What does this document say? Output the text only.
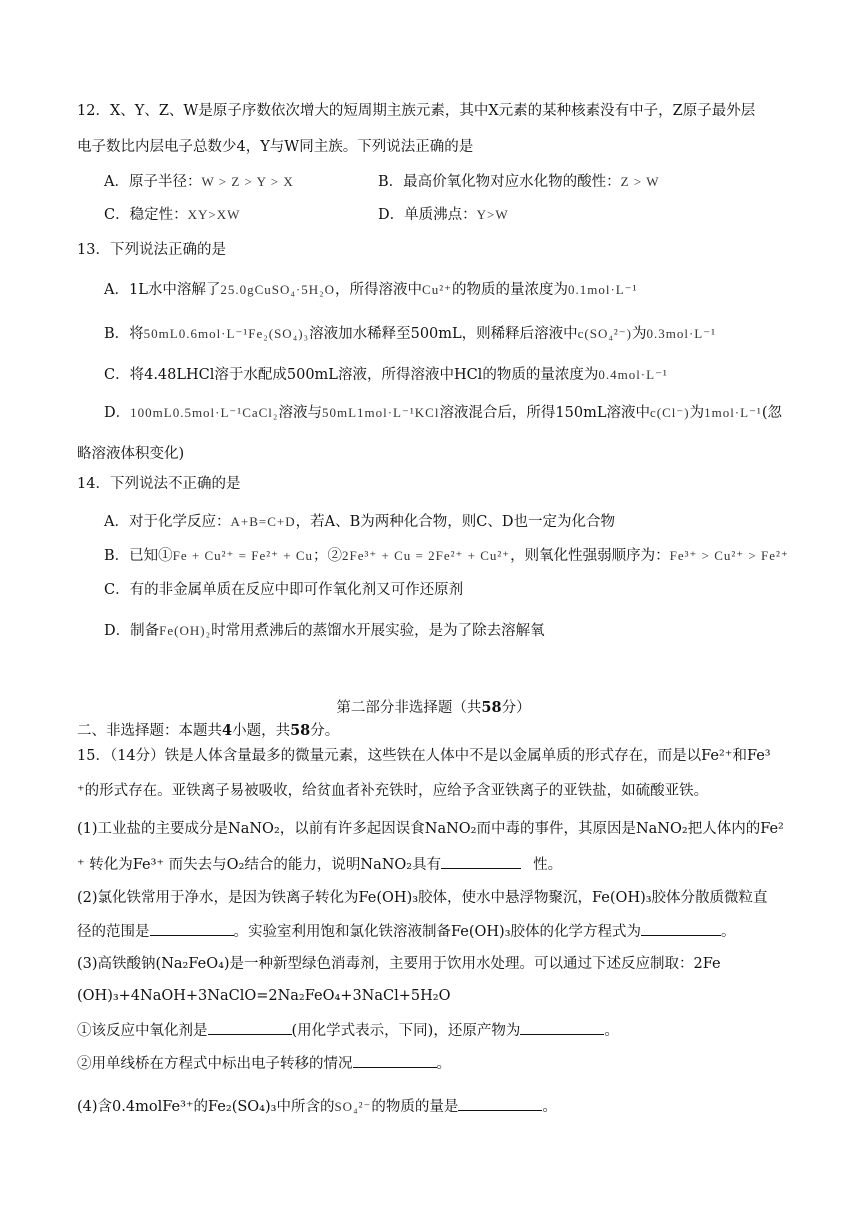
12．X、Y、Z、W是原子序数依次增大的短周期主族元素，其中X元素的某种核素没有中子，Z原子最外层
电子数比内层电子总数少4，Y与W同主族。下列说法正确的是
A．原子半径：W > Z > Y > X	B．最高价氧化物对应水化物的酸性：Z > W
C．稳定性：XY>XW	D．单质沸点：Y>W
13．下列说法正确的是
A．1L水中溶解了25.0gCuSO₄·5H₂O，所得溶液中Cu²⁺的物质的量浓度为0.1mol·L⁻¹
B．将50mL0.6mol·L⁻¹Fe₂(SO₄)₃溶液加水稀释至500mL，则稀释后溶液中c(SO₄²⁻)为0.3mol·L⁻¹
C．将4.48LHCl溶于水配成500mL溶液，所得溶液中HCl的物质的量浓度为0.4mol·L⁻¹
D．100mL0.5mol·L⁻¹CaCl₂溶液与50mL1mol·L⁻¹KCl溶液混合后，所得150mL溶液中c(Cl⁻)为1mol·L⁻¹(忽
略溶液体积变化)
14．下列说法不正确的是
A．对于化学反应：A+B=C+D，若A、B为两种化合物，则C、D也一定为化合物
B．已知①Fe + Cu²⁺ = Fe²⁺ + Cu；②2Fe³⁺ + Cu = 2Fe²⁺ + Cu²⁺，则氧化性强弱顺序为：Fe³⁺ > Cu²⁺ > Fe²⁺
C．有的非金属单质在反应中即可作氧化剂又可作还原剂
D．制备Fe(OH)₂时常用煮沸后的蒸馏水开展实验，是为了除去溶解氧
第二部分非选择题（共58分）
二、非选择题：本题共4小题，共58分。
15．（14分）铁是人体含量最多的微量元素，这些铁在人体中不是以金属单质的形式存在，而是以Fe²⁺和Fe³
⁺的形式存在。亚铁离子易被吸收，给贫血者补充铁时，应给予含亚铁离子的亚铁盐，如硫酸亚铁。
(1)工业盐的主要成分是NaNO₂，以前有许多起因误食NaNO₂而中毒的事件，其原因是NaNO₂把人体内的Fe²
⁺ 转化为Fe³⁺ 而失去与O₂结合的能力，说明NaNO₂具有	性。
(2)氯化铁常用于净水，是因为铁离子转化为Fe(OH)₃胶体，使水中悬浮物聚沉，Fe(OH)₃胶体分散质微粒直
径的范围是	。实验室利用饱和氯化铁溶液制备Fe(OH)₃胶体的化学方程式为	。
(3)高铁酸钠(Na₂FeO₄)是一种新型绿色消毒剂，主要用于饮用水处理。可以通过下述反应制取：2Fe
(OH)₃+4NaOH+3NaClO=2Na₂FeO₄+3NaCl+5H₂O
①该反应中氧化剂是	(用化学式表示，下同)，还原产物为	。
②用单线桥在方程式中标出电子转移的情况	。
(4)含0.4molFe³⁺的Fe₂(SO₄)₃中所含的SO₄²⁻的物质的量是	。
